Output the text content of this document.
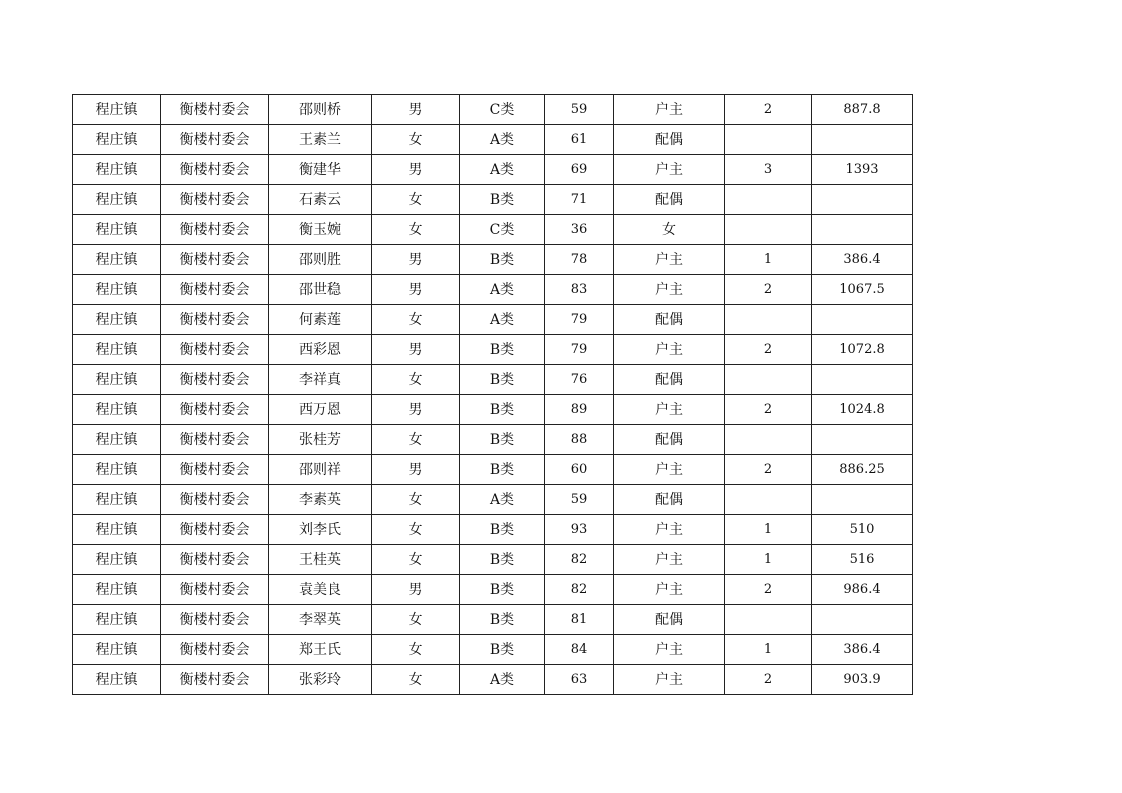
程庄镇	衡楼村委会	邵则桥	男	C类	59	户主	2	887.8
程庄镇	衡楼村委会	王素兰	女	A类	61	配偶		
程庄镇	衡楼村委会	衡建华	男	A类	69	户主	3	1393
程庄镇	衡楼村委会	石素云	女	B类	71	配偶		
程庄镇	衡楼村委会	衡玉婉	女	C类	36	女		
程庄镇	衡楼村委会	邵则胜	男	B类	78	户主	1	386.4
程庄镇	衡楼村委会	邵世稳	男	A类	83	户主	2	1067.5
程庄镇	衡楼村委会	何素莲	女	A类	79	配偶		
程庄镇	衡楼村委会	西彩恩	男	B类	79	户主	2	1072.8
程庄镇	衡楼村委会	李祥真	女	B类	76	配偶		
程庄镇	衡楼村委会	西万恩	男	B类	89	户主	2	1024.8
程庄镇	衡楼村委会	张桂芳	女	B类	88	配偶		
程庄镇	衡楼村委会	邵则祥	男	B类	60	户主	2	886.25
程庄镇	衡楼村委会	李素英	女	A类	59	配偶		
程庄镇	衡楼村委会	刘李氏	女	B类	93	户主	1	510
程庄镇	衡楼村委会	王桂英	女	B类	82	户主	1	516
程庄镇	衡楼村委会	袁美良	男	B类	82	户主	2	986.4
程庄镇	衡楼村委会	李翠英	女	B类	81	配偶		
程庄镇	衡楼村委会	郑王氏	女	B类	84	户主	1	386.4
程庄镇	衡楼村委会	张彩玲	女	A类	63	户主	2	903.9
